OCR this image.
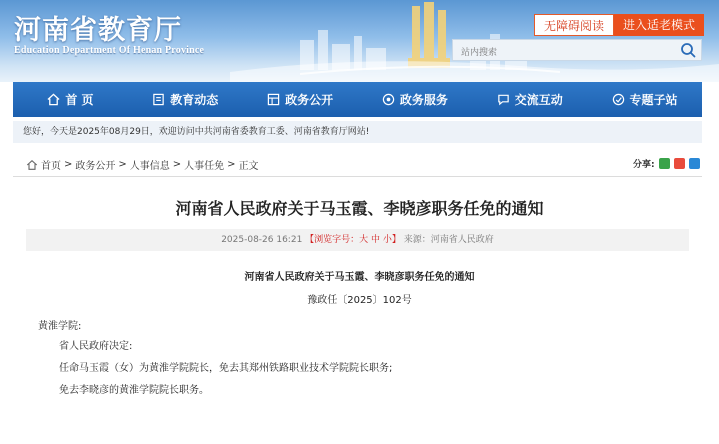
河南省教育厅
Education Department Of Henan Province
无障碍阅读	进入适老模式
站内搜索
首 页	教育动态	政务公开	政务服务	交流互动	专题子站
您好，今天是2025年08月29日，欢迎访问中共河南省委教育工委、河南省教育厅网站!
首页 > 政务公开 > 人事信息 > 人事任免 > 正文	分享:
河南省人民政府关于马玉霞、李晓彦职务任免的通知
2025-08-26 16:21 【浏览字号：大 中 小】 来源：河南省人民政府
河南省人民政府关于马玉霞、李晓彦职务任免的通知
豫政任〔2025〕102号
黄淮学院:
省人民政府决定:
任命马玉霞（女）为黄淮学院院长，免去其郑州铁路职业技术学院院长职务;
免去李晓彦的黄淮学院院长职务。
